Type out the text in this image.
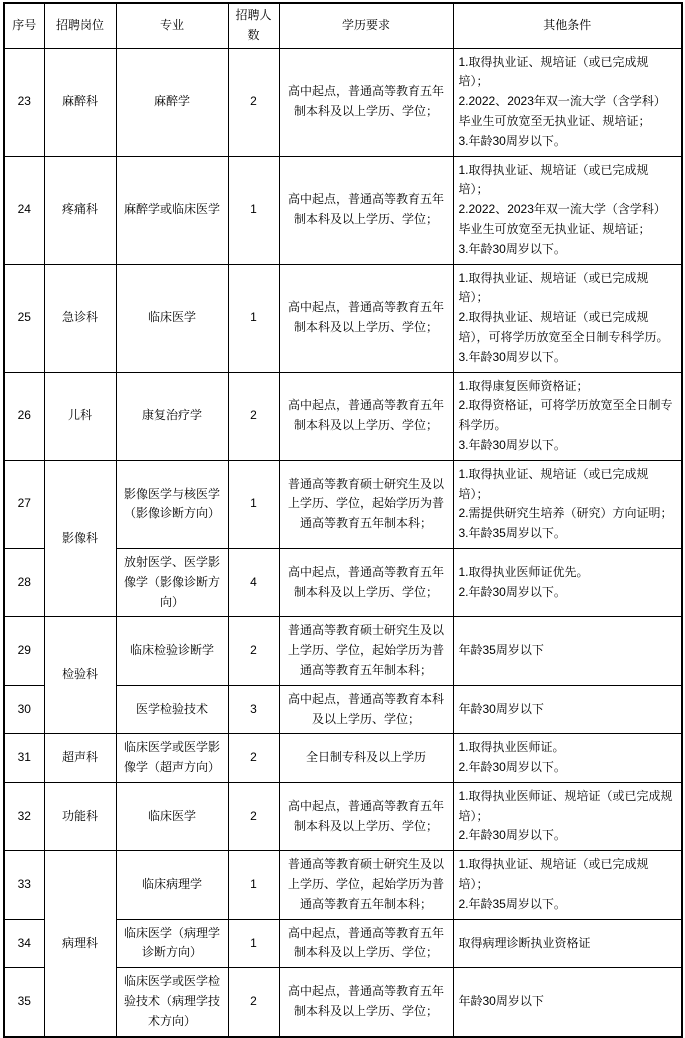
序号	招聘岗位	专业	招聘人数	学历要求	其他条件
23	麻醉科	麻醉学	2	高中起点，普通高等教育五年制本科及以上学历、学位；	1.取得执业证、规培证（或已完成规培）；
2.2022、2023年双一流大学（含学科）毕业生可放宽至无执业证、规培证；
3.年龄30周岁以下。

24	疼痛科	麻醉学或临床医学	1	高中起点，普通高等教育五年制本科及以上学历、学位；	1.取得执业证、规培证（或已完成规培）；
2.2022、2023年双一流大学（含学科）毕业生可放宽至无执业证、规培证；
3.年龄30周岁以下。

25	急诊科	临床医学	1	高中起点，普通高等教育五年制本科及以上学历、学位；	1.取得执业证、规培证（或已完成规培）；
2.取得执业证、规培证（或已完成规培），可将学历放宽至全日制专科学历。
3.年龄30周岁以下。

26	儿科	康复治疗学	2	高中起点，普通高等教育五年制本科及以上学历、学位；	1.取得康复医师资格证；
2.取得资格证，可将学历放宽至全日制专科学历。
3.年龄30周岁以下。

27	影像科	影像医学与核医学（影像诊断方向）	1	普通高等教育硕士研究生及以上学历、学位，起始学历为普通高等教育五年制本科；	1.取得执业证、规培证（或已完成规培）；
2.需提供研究生培养（研究）方向证明；
3.年龄35周岁以下。

28		放射医学、医学影像学（影像诊断方向）	4	高中起点，普通高等教育五年制本科及以上学历、学位；	1.取得执业医师证优先。
2.年龄30周岁以下。

29	检验科	临床检验诊断学	2	普通高等教育硕士研究生及以上学历、学位，起始学历为普通高等教育五年制本科；	年龄35周岁以下

30		医学检验技术	3	高中起点，普通高等教育本科及以上学历、学位；	年龄30周岁以下

31	超声科	临床医学或医学影像学（超声方向）	2	全日制专科及以上学历	1.取得执业医师证。
2.年龄30周岁以下。

32	功能科	临床医学	2	高中起点，普通高等教育五年制本科及以上学历、学位；	1.取得执业医师证、规培证（或已完成规培）；
2.年龄30周岁以下。

33	病理科	临床病理学	1	普通高等教育硕士研究生及以上学历、学位，起始学历为普通高等教育五年制本科；	1.取得执业证、规培证（或已完成规培）；
2.年龄35周岁以下。

34		临床医学（病理学诊断方向）	1	高中起点，普通高等教育五年制本科及以上学历、学位；	取得病理诊断执业资格证

35		临床医学或医学检验技术（病理学技术方向）	2	高中起点，普通高等教育五年制本科及以上学历、学位；	年龄30周岁以下
